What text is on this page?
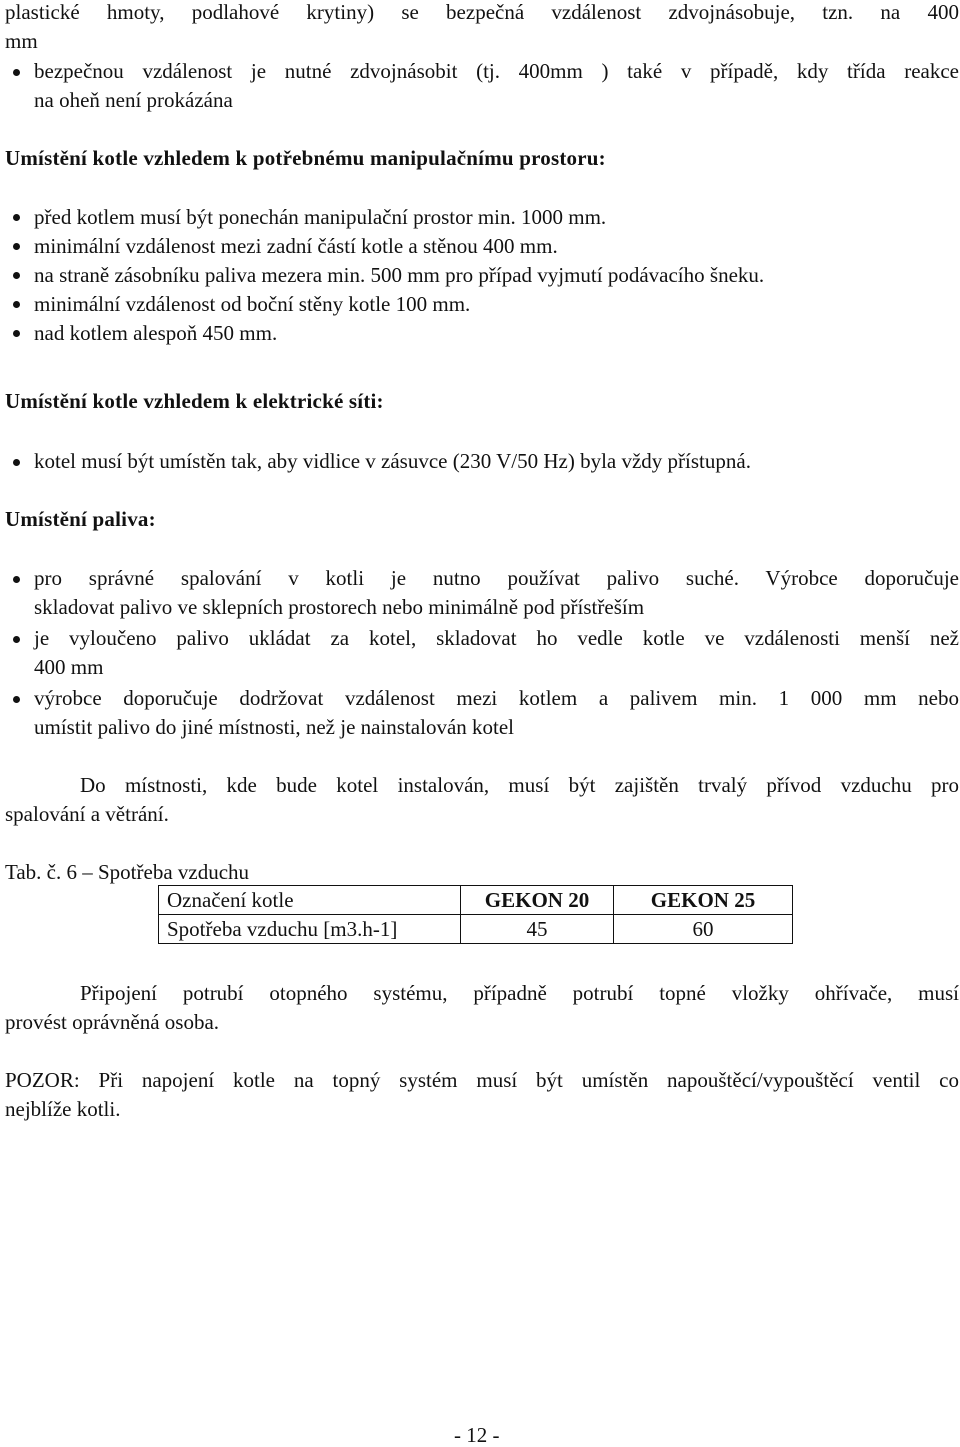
plastické hmoty, podlahové krytiny) se bezpečná vzdálenost zdvojnásobuje, tzn. na 400
mm
bezpečnou vzdálenost je nutné zdvojnásobit (tj. 400mm ) také v případě, kdy třída reakce
na oheň není prokázána
Umístění kotle vzhledem k potřebnému manipulačnímu prostoru:
před kotlem musí být ponechán manipulační prostor min. 1000 mm.
minimální vzdálenost mezi zadní částí kotle a stěnou 400 mm.
na straně zásobníku paliva mezera min. 500 mm pro případ vyjmutí podávacího šneku.
minimální vzdálenost od boční stěny kotle 100 mm.
nad kotlem alespoň 450 mm.
Umístění kotle vzhledem k elektrické síti:
kotel musí být umístěn tak, aby vidlice v zásuvce (230 V/50 Hz) byla vždy přístupná.
Umístění paliva:
pro správné spalování v kotli je nutno používat palivo suché. Výrobce doporučuje
skladovat palivo ve sklepních prostorech nebo minimálně pod přístřeším
je vyloučeno palivo ukládat za kotel, skladovat ho vedle kotle ve vzdálenosti menší než
400 mm
výrobce doporučuje dodržovat vzdálenost mezi kotlem a palivem min. 1 000 mm nebo
umístit palivo do jiné místnosti, než je nainstalován kotel
Do místnosti, kde bude kotel instalován, musí být zajištěn trvalý přívod vzduchu pro
spalování a větrání.
Tab. č. 6 – Spotřeba vzduchu
Označení kotle	GEKON 20	GEKON 25
Spotřeba vzduchu [m3.h-1]	45	60
Připojení potrubí otopného systému, případně potrubí topné vložky ohřívače, musí
provést oprávněná osoba.
POZOR: Při napojení kotle na topný systém musí být umístěn napouštěcí/vypouštěcí ventil co
nejblíže kotli.
- 12 -
